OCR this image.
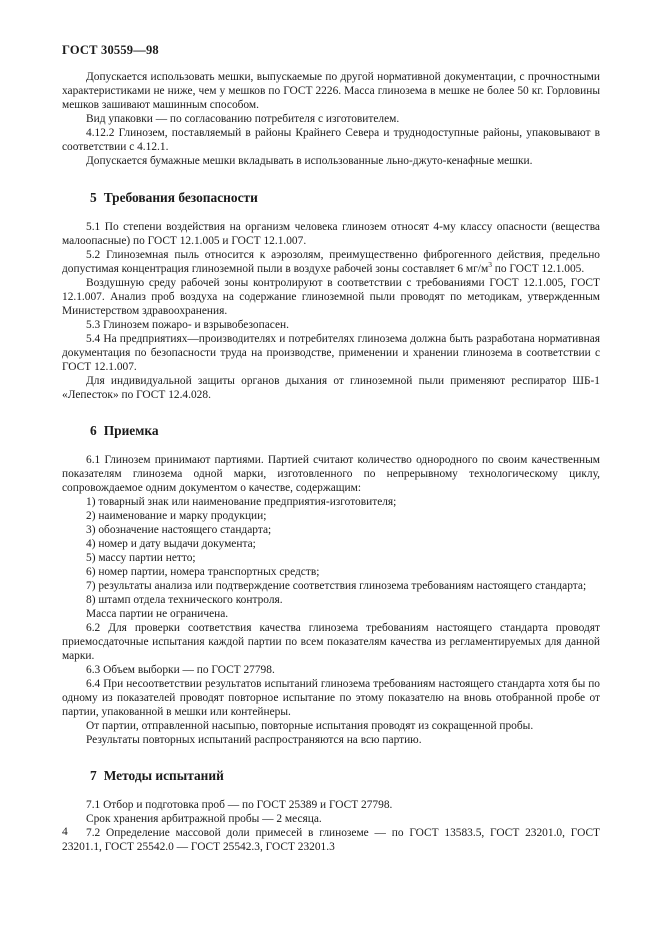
ГОСТ 30559—98

Допускается использовать мешки, выпускаемые по другой нормативной документации, с прочностными характеристиками не ниже, чем у мешков по ГОСТ 2226. Масса глинозема в мешке не более 50 кг. Горловины мешков зашивают машинным способом.

Вид упаковки — по согласованию потребителя с изготовителем.

4.12.2 Глинозем, поставляемый в районы Крайнего Севера и труднодоступные районы, упаковывают в соответствии с 4.12.1.

Допускается бумажные мешки вкладывать в использованные льно-джуто-кенафные мешки.

5 Требования безопасности

5.1 По степени воздействия на организм человека глинозем относят 4-му классу опасности (вещества малоопасные) по ГОСТ 12.1.005 и ГОСТ 12.1.007.

5.2 Глиноземная пыль относится к аэрозолям, преимущественно фиброгенного действия, предельно допустимая концентрация глиноземной пыли в воздухе рабочей зоны составляет 6 $мг/м^3$ по ГОСТ 12.1.005.

Воздушную среду рабочей зоны контролируют в соответствии с требованиями ГОСТ 12.1.005, ГОСТ 12.1.007. Анализ проб воздуха на содержание глиноземной пыли проводят по методикам, утвержденным Министерством здравоохранения.

5.3 Глинозем пожаро- и взрывобезопасен.

5.4 На предприятиях—производителях и потребителях глинозема должна быть разработана нормативная документация по безопасности труда на производстве, применении и хранении глинозема в соответствии с ГОСТ 12.1.007.

Для индивидуальной защиты органов дыхания от глиноземной пыли применяют респиратор ШБ-1 «Лепесток» по ГОСТ 12.4.028.

6 Приемка

6.1 Глинозем принимают партиями. Партией считают количество однородного по своим качественным показателям глинозема одной марки, изготовленного по непрерывному технологическому циклу, сопровождаемое одним документом о качестве, содержащим:

1) товарный знак или наименование предприятия-изготовителя;
2) наименование и марку продукции;
3) обозначение настоящего стандарта;
4) номер и дату выдачи документа;
5) массу партии нетто;
6) номер партии, номера транспортных средств;
7) результаты анализа или подтверждение соответствия глинозема требованиям настоящего стандарта;
8) штамп отдела технического контроля.

Масса партии не ограничена.

6.2 Для проверки соответствия качества глинозема требованиям настоящего стандарта проводят приемосдаточные испытания каждой партии по всем показателям качества из регламентируемых для данной марки.

6.3 Объем выборки — по ГОСТ 27798.

6.4 При несоответствии результатов испытаний глинозема требованиям настоящего стандарта хотя бы по одному из показателей проводят повторное испытание по этому показателю на вновь отобранной пробе от партии, упакованной в мешки или контейнеры.

От партии, отправленной насыпью, повторные испытания проводят из сокращенной пробы.

Результаты повторных испытаний распространяются на всю партию.

7 Методы испытаний

7.1 Отбор и подготовка проб — по ГОСТ 25389 и ГОСТ 27798.

Срок хранения арбитражной пробы — 2 месяца.

7.2 Определение массовой доли примесей в глиноземе — по ГОСТ 13583.5, ГОСТ 23201.0, ГОСТ 23201.1, ГОСТ 25542.0 — ГОСТ 25542.3, ГОСТ 23201.3

4
